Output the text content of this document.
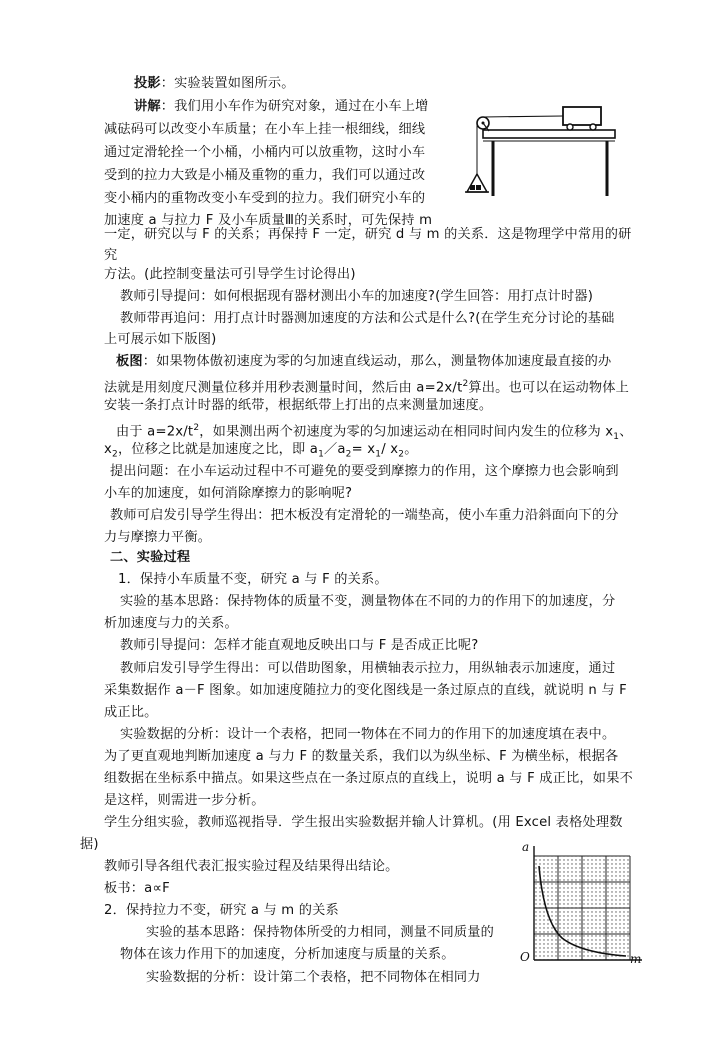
投影：实验装置如图所示。
讲解：我们用小车作为研究对象，通过在小车上增
减砝码可以改变小车质量；在小车上挂一根细线，细线
通过定滑轮拴一个小桶，小桶内可以放重物，这时小车
受到的拉力大致是小桶及重物的重力，我们可以通过改
变小桶内的重物改变小车受到的拉力。我们研究小车的
加速度 a 与拉力 F 及小车质量Ⅲ的关系时，可先保持 m
一定，研究以与 F 的关系；再保持 F 一定，研究 d 与 m 的关系．这是物理学中常用的研
究
方法。(此控制变量法可引导学生讨论得出)
教师引导提问：如何根据现有器材测出小车的加速度?(学生回答：用打点计时器)
教师带再追问：用打点计时器测加速度的方法和公式是什么?(在学生充分讨论的基础
上可展示如下版图)
板图：如果物体傲初速度为零的匀加速直线运动，那么，测量物体加速度最直接的办
法就是用刻度尺测量位移并用秒表测量时间，然后由 $a=2x/t^2$算出。也可以在运动物体上
安装一条打点计时器的纸带，根据纸带上打出的点来测量加速度。
由于 $a=2x/t^2$，如果测出两个初速度为零的匀加速运动在相同时间内发生的位移为 $x_1$、
$x_2$，位移之比就是加速度之比，即 $a_1/a_2= x_1/$ $x_2$。
提出问题：在小车运动过程中不可避免的要受到摩擦力的作用，这个摩擦力也会影响到
小车的加速度，如何消除摩擦力的影响呢?
教师可启发引导学生得出：把木板没有定滑轮的一端垫高，使小车重力沿斜面向下的分
力与摩擦力平衡。
二、实验过程
1．保持小车质量不变，研究 a 与 F 的关系。
实验的基本思路：保持物体的质量不变，测量物体在不同的力的作用下的加速度，分
析加速度与力的关系。
教师引导提问：怎样才能直观地反映出口与 F 是否成正比呢?
教师启发引导学生得出：可以借助图象，用横轴表示拉力，用纵轴表示加速度，通过
采集数据作 a－F 图象。如加速度随拉力的变化图线是一条过原点的直线，就说明 n 与 F
成正比。
实验数据的分析：设计一个表格，把同一物体在不同力的作用下的加速度填在表中。
为了更直观地判断加速度 a 与力 F 的数量关系，我们以为纵坐标、F 为横坐标，根据各
组数据在坐标系中描点。如果这些点在一条过原点的直线上，说明 a 与 F 成正比，如果不
是这样，则需进一步分析。
学生分组实验，教师巡视指导．学生报出实验数据并输人计算机。(用 Excel 表格处理数
据)
教师引导各组代表汇报实验过程及结果得出结论。
板书：a∝F
2．保持拉力不变，研究 a 与 m 的关系
实验的基本思路：保持物体所受的力相同，测量不同质量的
物体在该力作用下的加速度，分析加速度与质量的关系。
实验数据的分析：设计第二个表格，把不同物体在相同力
a
m
O
